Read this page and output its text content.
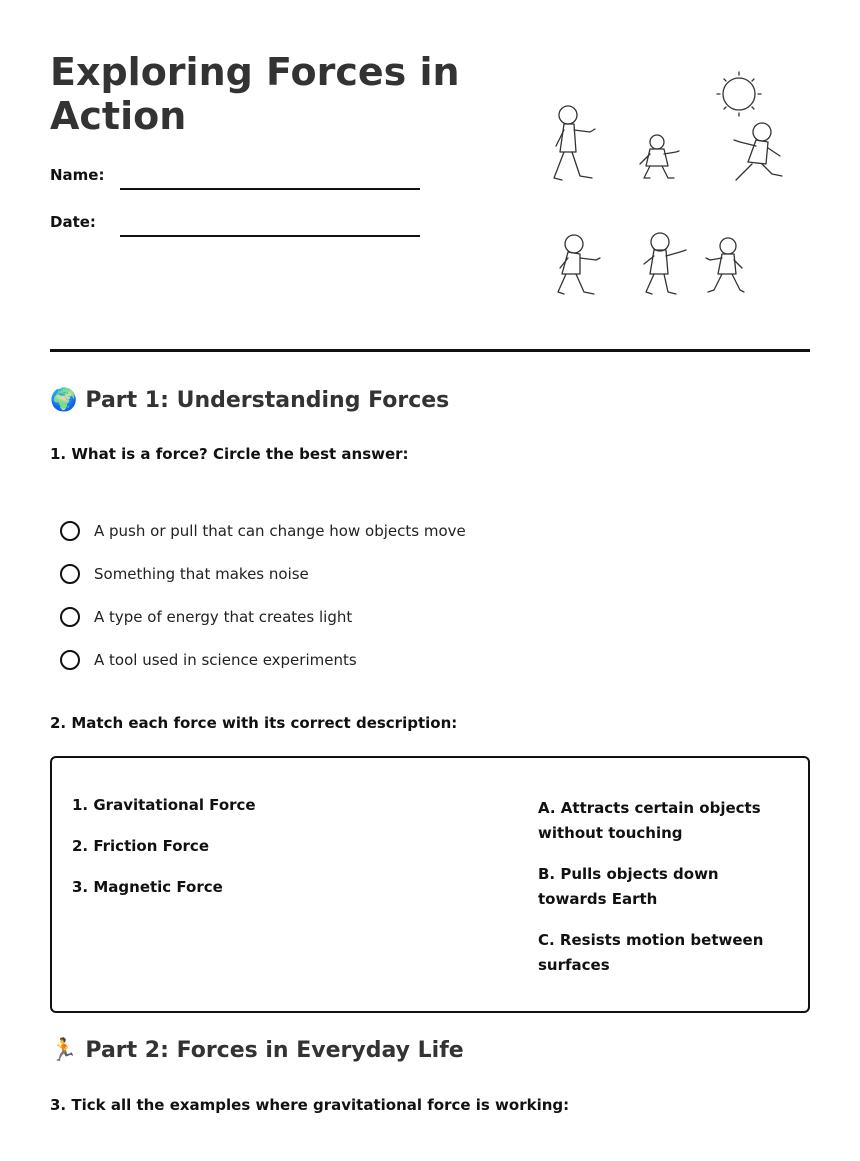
Exploring Forces in Action
Name:
Date:
🌍 Part 1: Understanding Forces
1. What is a force? Circle the best answer:
A push or pull that can change how objects move
Something that makes noise
A type of energy that creates light
A tool used in science experiments
2. Match each force with its correct description:
1. Gravitational Force
2. Friction Force
3. Magnetic Force
A. Attracts certain objects without touching
B. Pulls objects down towards Earth
C. Resists motion between surfaces
🏃 Part 2: Forces in Everyday Life
3. Tick all the examples where gravitational force is working:
